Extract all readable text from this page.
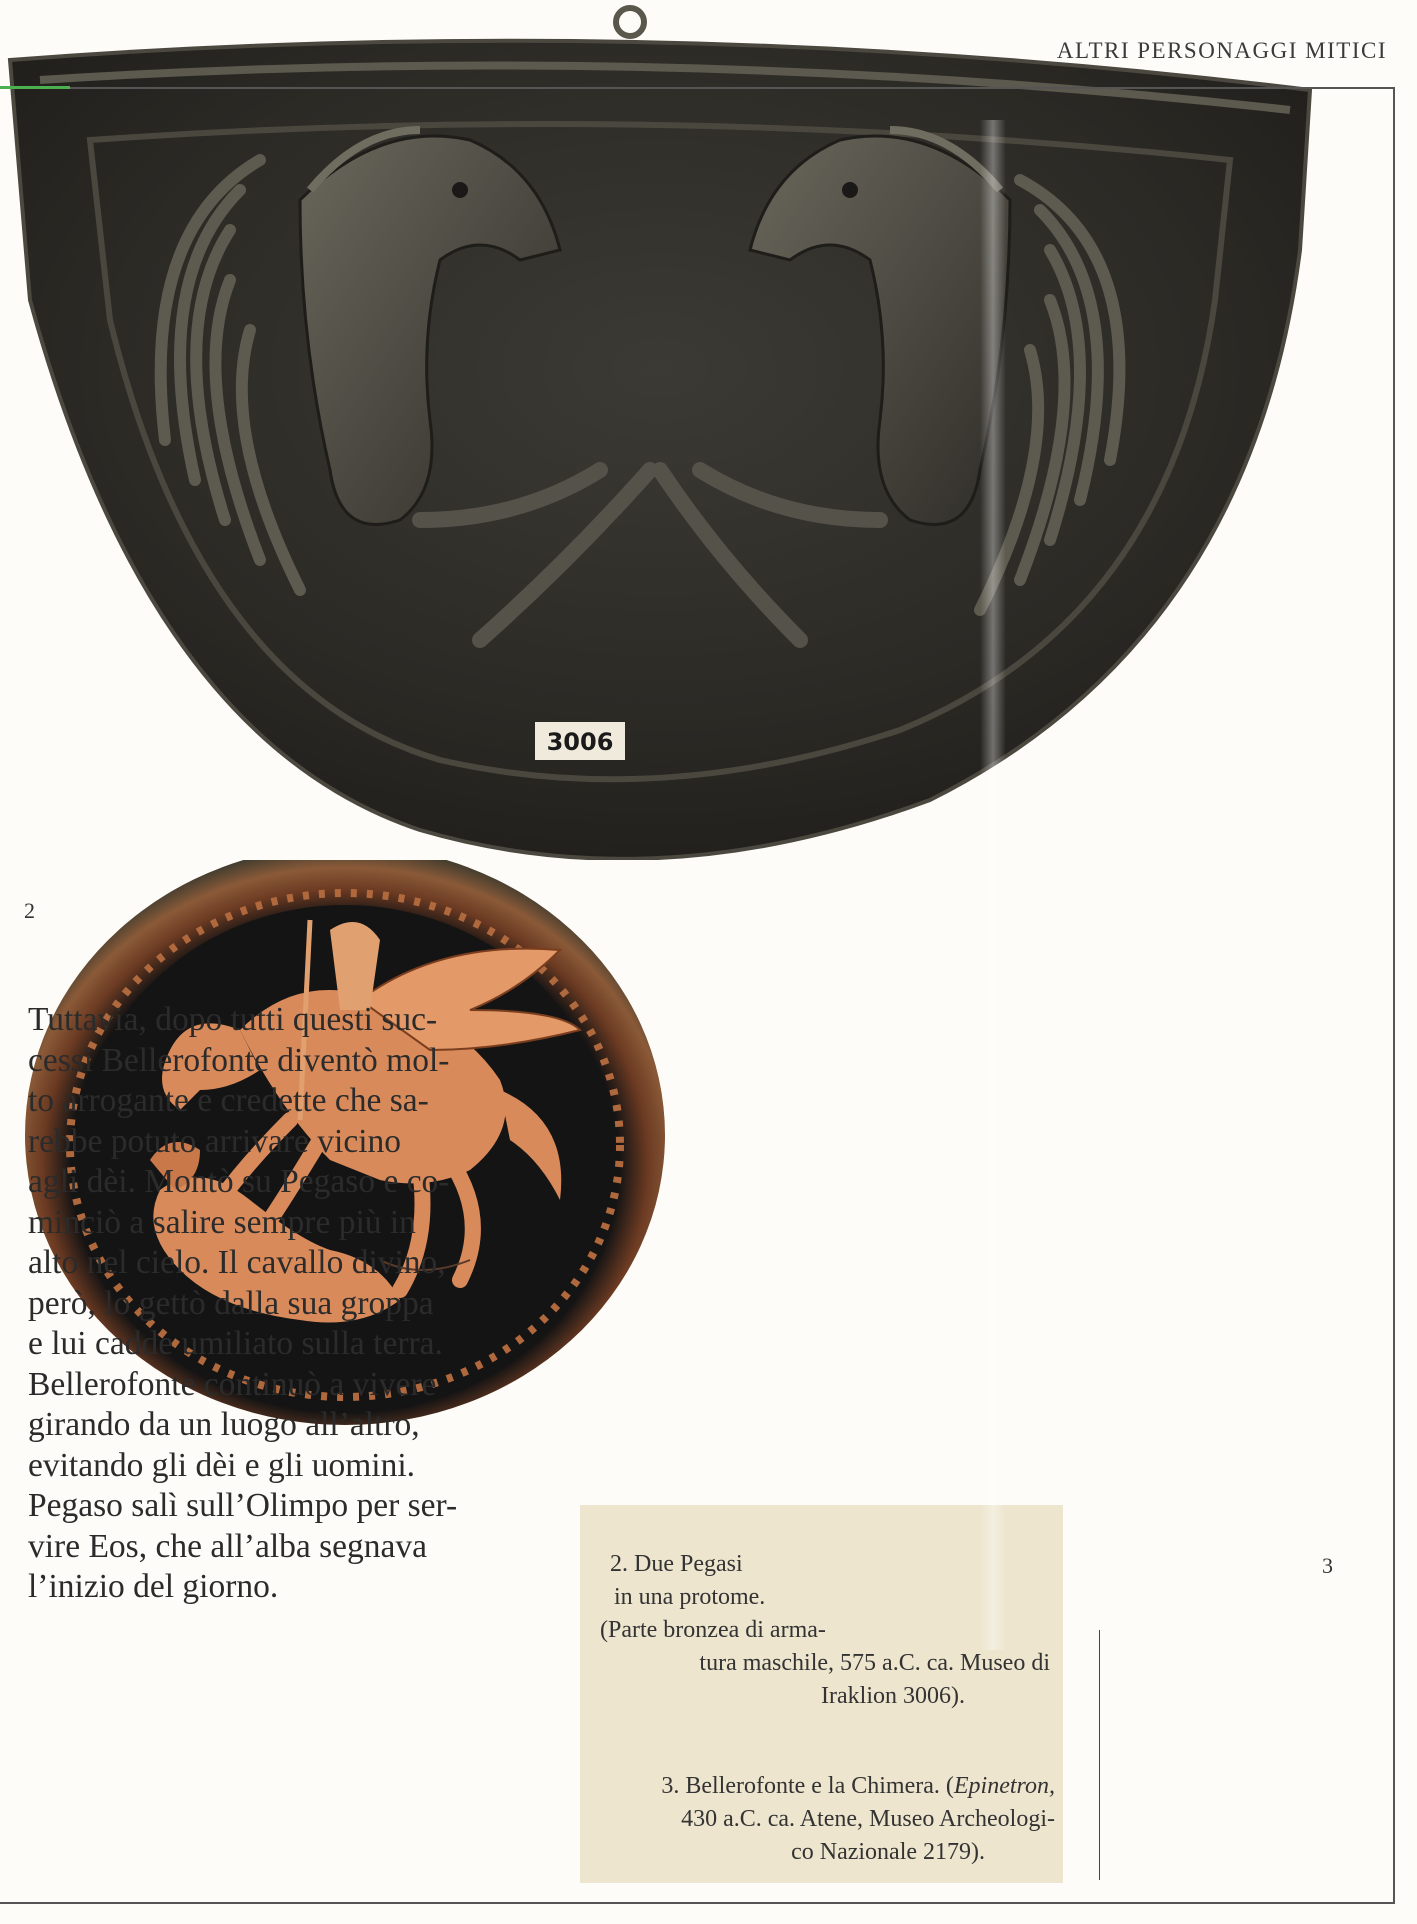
ALTRI PERSONAGGI MITICI
3006
2
3
Tuttavia, dopo tutti questi suc-
cessi Bellerofonte diventò mol-
to arrogante e credette che sa-
rebbe potuto arrivare vicino
agli dèi. Montò su Pegaso e co-
minciò a salire sempre più in
alto nel cielo. Il cavallo divino,
però, lo gettò dalla sua groppa
e lui cadde umiliato sulla terra.
Bellerofonte continuò a vivere
girando da un luogo all’altro,
evitando gli dèi e gli uomini.
Pegaso salì sull’Olimpo per ser-
vire Eos, che all’alba segnava
l’inizio del giorno.
2. Due Pegasi
in una protome.
(Parte bronzea di arma-
tura maschile, 575 a.C. ca. Museo di
Iraklion 3006).
3. Bellerofonte e la Chimera. (Epinetron,
430 a.C. ca. Atene, Museo Archeologi-
co Nazionale 2179).
